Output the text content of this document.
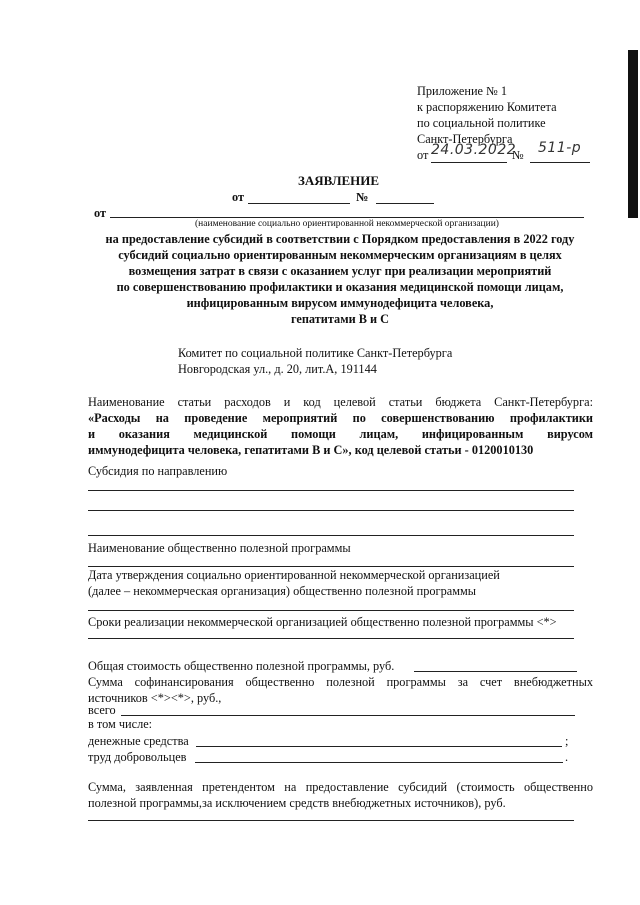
Приложение № 1
к распоряжению Комитета
по социальной политике
Санкт-Петербурга
от 24.03.2022
№ 511-р
ЗАЯВЛЕНИЕ
от	№
от
(наименование социально ориентированной некоммерческой организации)
на предоставление субсидий в соответствии с Порядком предоставления в 2022 году
субсидий социально ориентированным некоммерческим организациям в целях
возмещения затрат в связи с оказанием услуг при реализации мероприятий
по совершенствованию профилактики и оказания медицинской помощи лицам,
инфицированным вирусом иммунодефицита человека,
гепатитами В и С
Комитет по социальной политике Санкт-Петербурга
Новгородская ул., д. 20, лит.А, 191144
Наименование статьи расходов и код целевой статьи бюджета Санкт-Петербурга:
«Расходы на проведение мероприятий по совершенствованию профилактики
и оказания медицинской помощи лицам, инфицированным вирусом
иммунодефицита человека, гепатитами В и С», код целевой статьи - 0120010130
Субсидия по направлению
Наименование общественно полезной программы
Дата утверждения социально ориентированной некоммерческой организацией
(далее – некоммерческая организация) общественно полезной программы
Сроки реализации некоммерческой организацией общественно полезной программы <*>
Общая стоимость общественно полезной программы, руб.
Сумма софинансирования общественно полезной программы за счет внебюджетных
источников <*><*>, руб.,
всего
в том числе:
денежные средства	;
труд добровольцев	.
Сумма, заявленная претендентом на предоставление субсидий (стоимость общественно
полезной программы,за исключением средств внебюджетных источников), руб.
